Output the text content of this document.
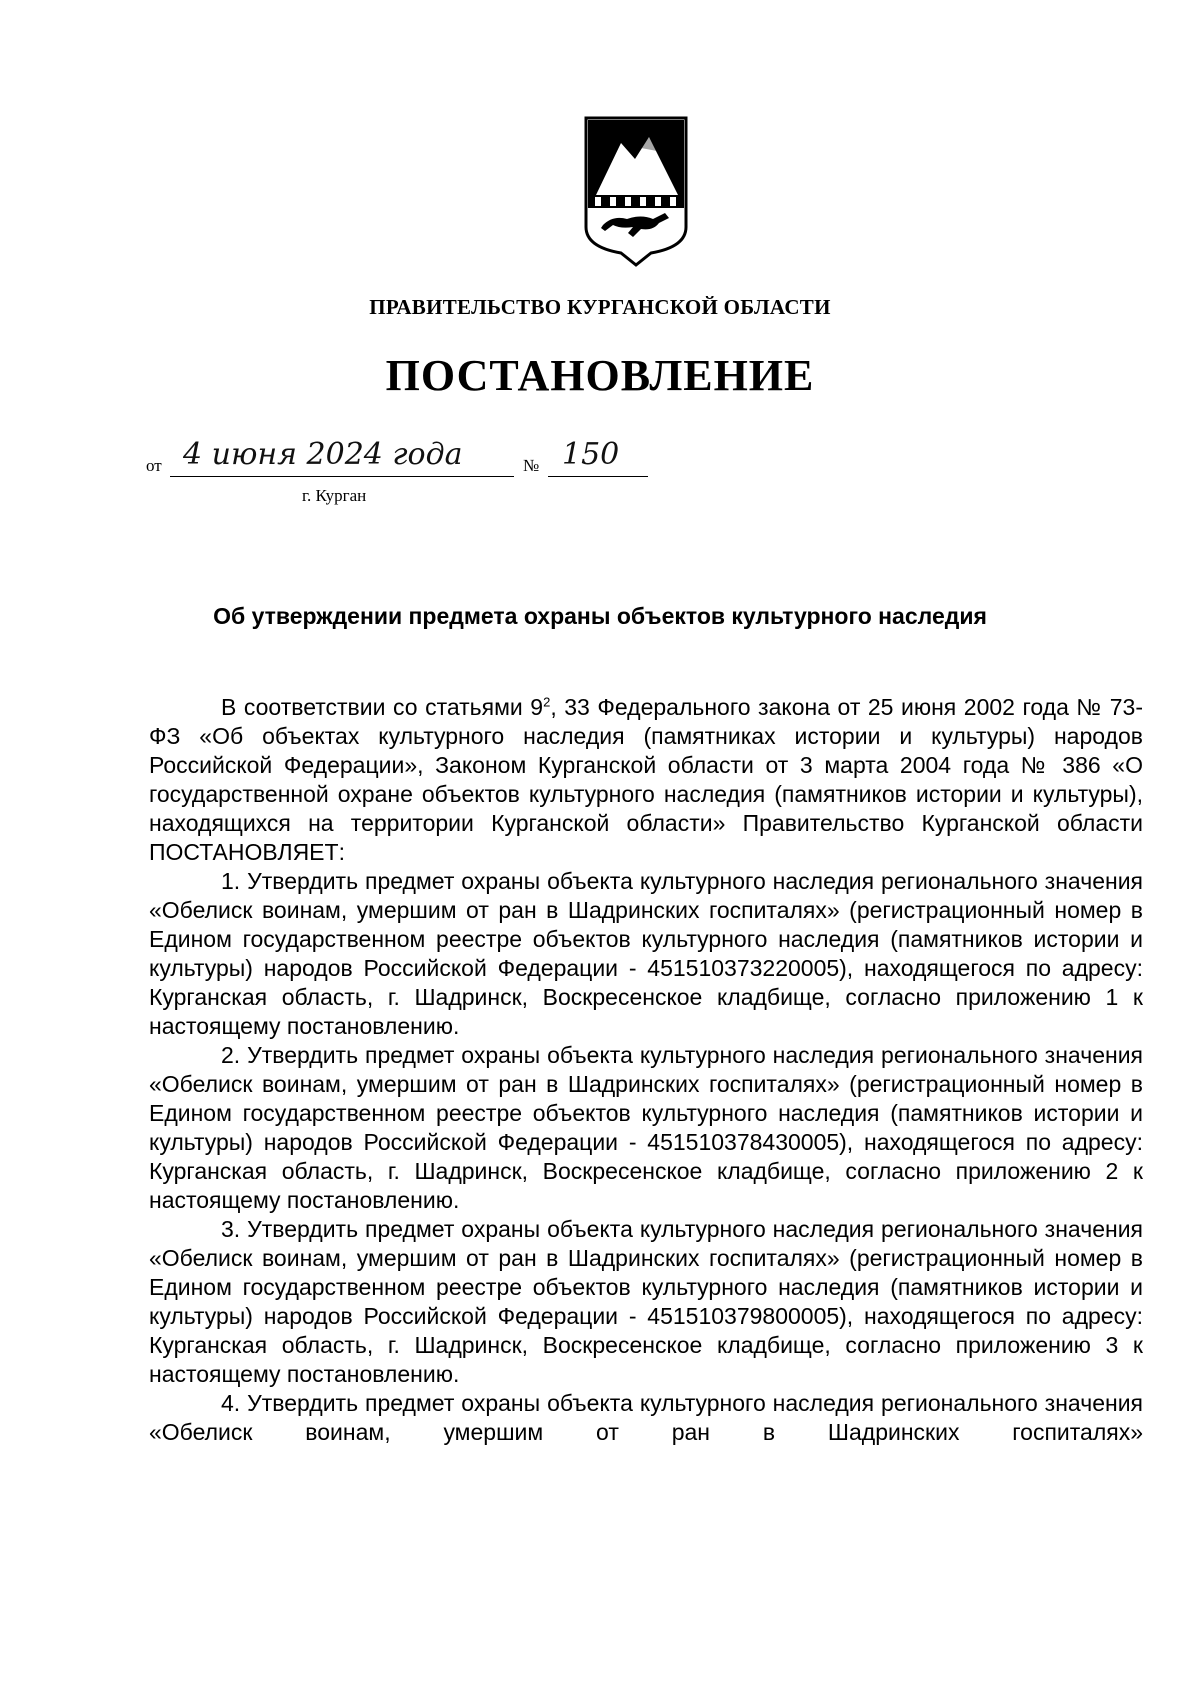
ПРАВИТЕЛЬСТВО КУРГАНСКОЙ ОБЛАСТИ
ПОСТАНОВЛЕНИЕ
от 4 июня 2024 года	№ 150
г. Курган
Об утверждении предмета охраны объектов культурного наследия

В соответствии со статьями $9^2$, 33 Федерального закона от 25 июня 2002 года № 73-ФЗ «Об объектах культурного наследия (памятниках истории и культуры) народов Российской Федерации», Законом Курганской области от 3 марта 2004 года № 386 «О государственной охране объектов культурного наследия (памятников истории и культуры), находящихся на территории Курганской области» Правительство Курганской области ПОСТАНОВЛЯЕТ:

1. Утвердить предмет охраны объекта культурного наследия регионального значения «Обелиск воинам, умершим от ран в Шадринских госпиталях» (регистрационный номер в Едином государственном реестре объектов культурного наследия (памятников истории и культуры) народов Российской Федерации - 451510373220005), находящегося по адресу: Курганская область, г. Шадринск, Воскресенское кладбище, согласно приложению 1 к настоящему постановлению.

2. Утвердить предмет охраны объекта культурного наследия регионального значения «Обелиск воинам, умершим от ран в Шадринских госпиталях» (регистрационный номер в Едином государственном реестре объектов культурного наследия (памятников истории и культуры) народов Российской Федерации - 451510378430005), находящегося по адресу: Курганская область, г. Шадринск, Воскресенское кладбище, согласно приложению 2 к настоящему постановлению.

3. Утвердить предмет охраны объекта культурного наследия регионального значения «Обелиск воинам, умершим от ран в Шадринских госпиталях» (регистрационный номер в Едином государственном реестре объектов культурного наследия (памятников истории и культуры) народов Российской Федерации - 451510379800005), находящегося по адресу: Курганская область, г. Шадринск, Воскресенское кладбище, согласно приложению 3 к настоящему постановлению.

4. Утвердить предмет охраны объекта культурного наследия регионального значения «Обелиск воинам, умершим от ран в Шадринских госпиталях»
